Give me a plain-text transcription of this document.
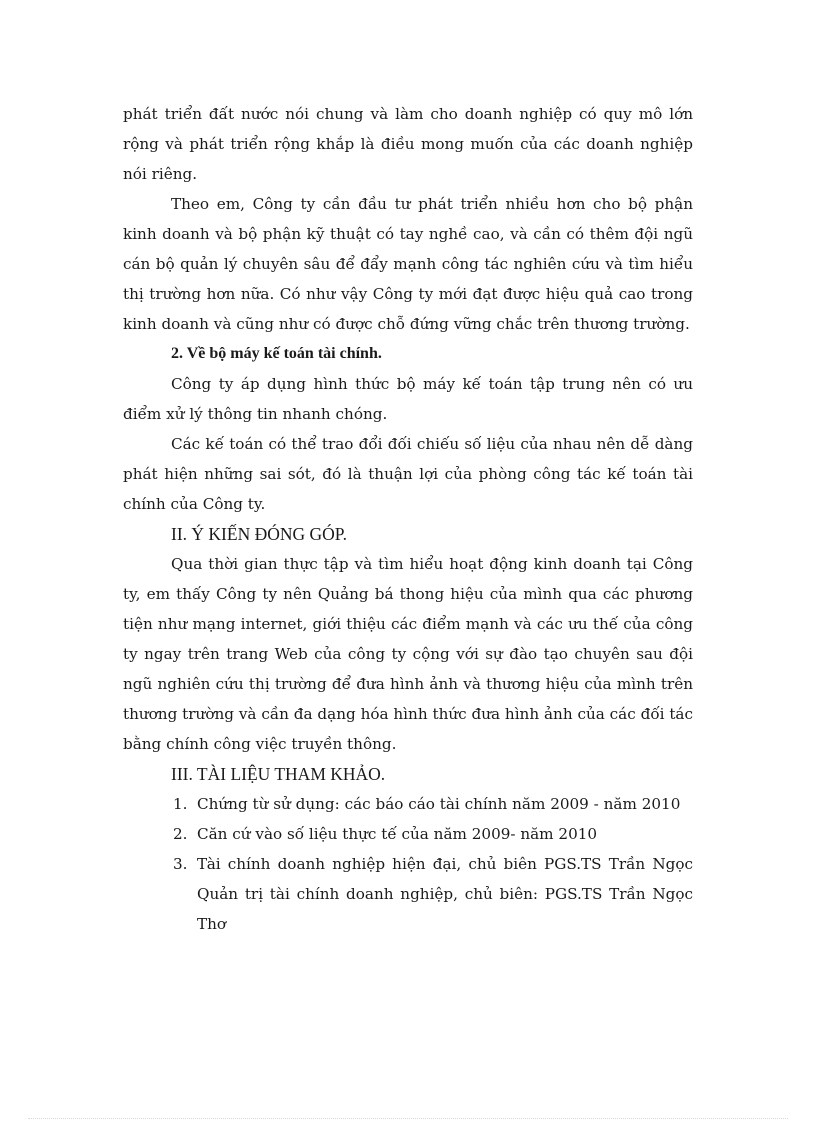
phát triển đất nước nói chung và làm cho doanh nghiệp có quy mô lớn rộng và phát triển rộng khắp là điều mong muốn của các doanh nghiệp nói riêng.

Theo em, Công ty cần đầu tư phát triển nhiều hơn cho bộ phận kinh doanh và bộ phận kỹ thuật có tay nghề cao, và cần có thêm đội ngũ cán bộ quản lý chuyên sâu để đẩy mạnh công tác nghiên cứu và tìm hiểu thị trường hơn nữa. Có như vậy Công ty mới đạt được hiệu quả cao trong kinh doanh và cũng như có được chỗ đứng vững chắc trên thương trường.

2. Về bộ máy kế toán tài chính.

Công ty áp dụng hình thức bộ máy kế toán tập trung nên có ưu điểm xử lý thông tin nhanh chóng.

Các kế toán có thể trao đổi đối chiếu số liệu của nhau nên dễ dàng phát hiện những sai sót, đó là thuận lợi của phòng công tác kế toán tài chính của Công ty.

II. Ý KIẾN ĐÓNG GÓP.

Qua thời gian thực tập và tìm hiểu hoạt động kinh doanh tại Công ty, em thấy Công ty nên Quảng bá thong hiệu của mình qua các phương tiện như mạng internet, giới thiệu các điểm mạnh và các ưu thế của công ty ngay trên trang Web của công ty cộng với sự đào tạo chuyên sau đội ngũ nghiên cứu thị trường để đưa hình ảnh và thương hiệu của mình trên thương trường và cần đa dạng hóa hình thức đưa hình ảnh của các đối tác bằng chính công việc truyền thông.

III. TÀI LIỆU THAM KHẢO.

1. Chứng từ sử dụng: các báo cáo tài chính năm 2009 - năm 2010
2. Căn cứ vào số liệu thực tế của năm 2009- năm 2010
3. Tài chính doanh nghiệp hiện đại, chủ biên PGS.TS Trần Ngọc Quản trị tài chính doanh nghiệp, chủ biên: PGS.TS Trần Ngọc Thơ
